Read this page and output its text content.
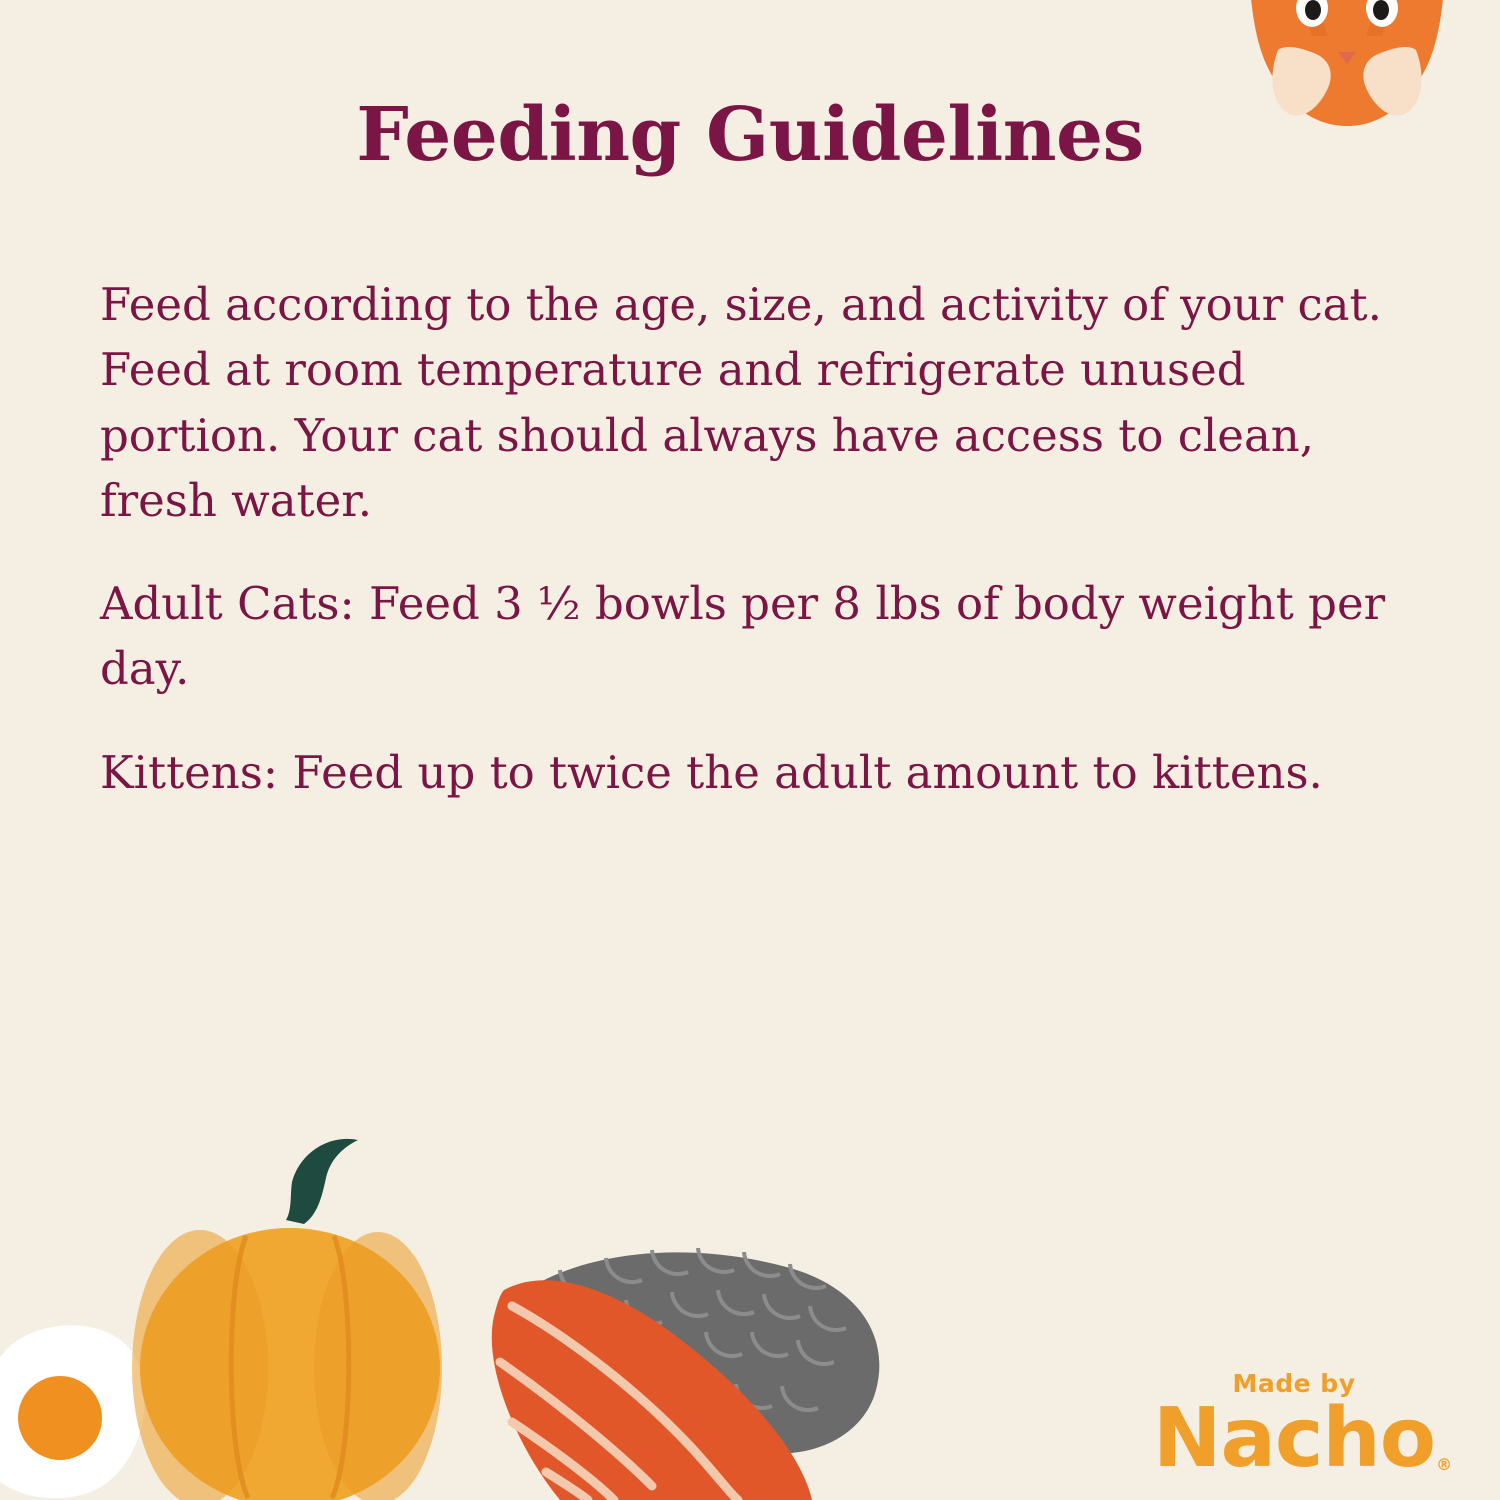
Feeding Guidelines

Feed according to the age, size, and activity of your cat. Feed at room temperature and refrigerate unused portion. Your cat should always have access to clean, fresh water.

Adult Cats: Feed 3 ½ bowls per 8 lbs of body weight per day.

Kittens: Feed up to twice the adult amount to kittens.

Made by
Nacho ®
